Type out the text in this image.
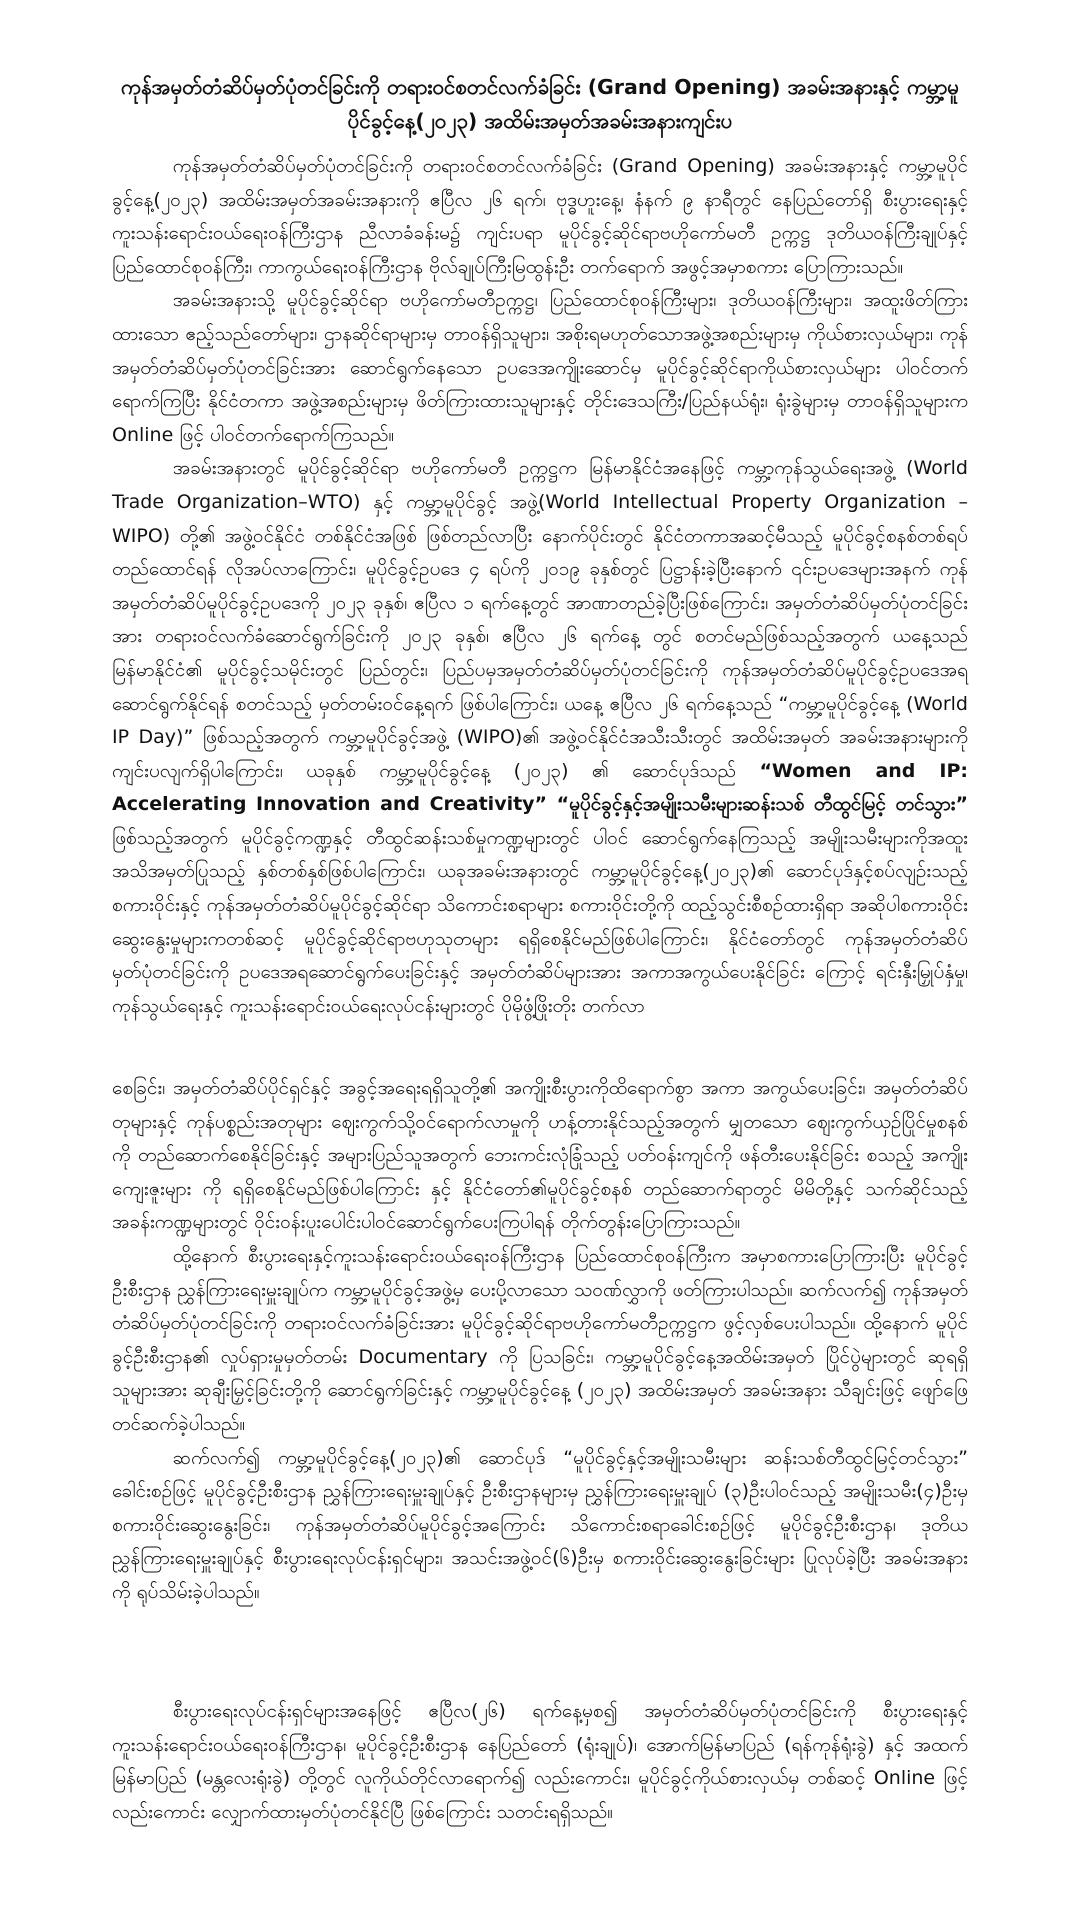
ကုန်အမှတ်တံဆိပ်မှတ်ပုံတင်ခြင်းကို တရားဝင်စတင်လက်ခံခြင်း (Grand Opening) အခမ်းအနားနှင့် ကမ္ဘာ့မူပိုင်ခွင့်နေ့(၂၀၂၃) အထိမ်းအမှတ်အခမ်းအနားကျင်းပ

ကုန်အမှတ်တံဆိပ်မှတ်ပုံတင်ခြင်းကို တရားဝင်စတင်လက်ခံခြင်း (Grand Opening) အခမ်းအနားနှင့် ကမ္ဘာ့မူပိုင်ခွင့်နေ့(၂၀၂၃) အထိမ်းအမှတ်အခမ်းအနားကို ဧပြီလ ၂၆ ရက်၊ ဗုဒ္ဓဟူးနေ့၊ နံနက် ၉ နာရီတွင် နေပြည်တော်ရှိ စီးပွားရေးနှင့်ကူးသန်းရောင်းဝယ်ရေးဝန်ကြီးဌာန ညီလာခံခန်းမ၌ ကျင်းပရာ မူပိုင်ခွင့်ဆိုင်ရာဗဟိုကော်မတီ ဥက္ကဋ္ဌ ဒုတိယဝန်ကြီးချုပ်နှင့် ပြည်ထောင်စုဝန်ကြီး၊ ကာကွယ်ရေးဝန်ကြီးဌာန ဗိုလ်ချုပ်ကြီးမြထွန်းဦး တက်ရောက် အဖွင့်အမှာစကား ပြောကြားသည်။

အခမ်းအနားသို့ မူပိုင်ခွင့်ဆိုင်ရာ ဗဟိုကော်မတီဥက္ကဋ္ဌ၊ ပြည်ထောင်စုဝန်ကြီးများ၊ ဒုတိယဝန်ကြီးများ၊ အထူးဖိတ်ကြားထားသော ဧည့်သည်တော်များ၊ ဌာနဆိုင်ရာများမှ တာဝန်ရှိသူများ၊ အစိုးရမဟုတ်သောအဖွဲ့အစည်းများမှ ကိုယ်စားလှယ်များ၊ ကုန်အမှတ်တံဆိပ်မှတ်ပုံတင်ခြင်းအား ဆောင်ရွက်နေသော ဥပဒေအကျိုးဆောင်မှ မူပိုင်ခွင့်ဆိုင်ရာကိုယ်စားလှယ်များ ပါဝင်တက်ရောက်ကြပြီး နိုင်ငံတကာ အဖွဲ့အစည်းများမှ ဖိတ်ကြားထားသူများနှင့် တိုင်းဒေသကြီး/ပြည်နယ်ရုံး၊ ရုံးခွဲများမှ တာဝန်ရှိသူများက Online ဖြင့် ပါဝင်တက်ရောက်ကြသည်။

အခမ်းအနားတွင် မူပိုင်ခွင့်ဆိုင်ရာ ဗဟိုကော်မတီ ဥက္ကဋ္ဌက မြန်မာနိုင်ငံအနေဖြင့် ကမ္ဘာ့ကုန်သွယ်ရေးအဖွဲ့ (World Trade Organization–WTO) နှင့် ကမ္ဘာ့မူပိုင်ခွင့် အဖွဲ့(World Intellectual Property Organization –WIPO) တို့၏ အဖွဲ့ဝင်နိုင်ငံ တစ်နိုင်ငံအဖြစ် ဖြစ်တည်လာပြီး နောက်ပိုင်းတွင် နိုင်ငံတကာအဆင့်မီသည့် မူပိုင်ခွင့်စနစ်တစ်ရပ် တည်ထောင်ရန် လိုအပ်လာကြောင်း၊ မူပိုင်ခွင့်ဥပဒေ ၄ ရပ်ကို ၂၀၁၉ ခုနှစ်တွင် ပြဋ္ဌာန်းခဲ့ပြီးနောက် ၎င်းဥပဒေများအနက် ကုန်အမှတ်တံဆိပ်မူပိုင်ခွင့်ဥပဒေကို ၂၀၂၃ ခုနှစ်၊ ဧပြီလ ၁ ရက်နေ့တွင် အာဏာတည်ခဲ့ပြီးဖြစ်ကြောင်း၊ အမှတ်တံဆိပ်မှတ်ပုံတင်ခြင်းအား တရားဝင်လက်ခံဆောင်ရွက်ခြင်းကို ၂၀၂၃ ခုနှစ်၊ ဧပြီလ ၂၆ ရက်နေ့ တွင် စတင်မည်ဖြစ်သည့်အတွက် ယနေ့သည် မြန်မာနိုင်ငံ၏ မူပိုင်ခွင့်သမိုင်းတွင် ပြည်တွင်း၊ ပြည်ပမှအမှတ်တံဆိပ်မှတ်ပုံတင်ခြင်းကို ကုန်အမှတ်တံဆိပ်မူပိုင်ခွင့်ဥပဒေအရ ဆောင်ရွက်နိုင်ရန် စတင်သည့် မှတ်တမ်းဝင်နေ့ရက် ဖြစ်ပါကြောင်း၊ ယနေ့ ဧပြီလ ၂၆ ရက်နေ့သည် “ကမ္ဘာ့မူပိုင်ခွင့်နေ့ (World IP Day)” ဖြစ်သည့်အတွက် ကမ္ဘာ့မူပိုင်ခွင့်အဖွဲ့ (WIPO)၏ အဖွဲ့ဝင်နိုင်ငံအသီးသီးတွင် အထိမ်းအမှတ် အခမ်းအနားများကို ကျင်းပလျက်ရှိပါကြောင်း၊ ယခုနှစ် ကမ္ဘာ့မူပိုင်ခွင့်နေ့ (၂၀၂၃) ၏ ဆောင်ပုဒ်သည် “Women and IP: Accelerating Innovation and Creativity” “မူပိုင်ခွင့်နှင့်အမျိုးသမီးများဆန်းသစ် တီထွင်မြင့် တင်သွား” ဖြစ်သည့်အတွက် မူပိုင်ခွင့်ကဏ္ဍနှင့် တီထွင်ဆန်းသစ်မှုကဏ္ဍများတွင် ပါဝင် ဆောင်ရွက်နေကြသည့် အမျိုးသမီးများကိုအထူးအသိအမှတ်ပြုသည့် နှစ်တစ်နှစ်ဖြစ်ပါကြောင်း၊ ယခုအခမ်းအနားတွင် ကမ္ဘာ့မူပိုင်ခွင့်နေ့(၂၀၂၃)၏ ဆောင်ပုဒ်နှင့်စပ်လျဉ်းသည့် စကားဝိုင်းနှင့် ကုန်အမှတ်တံဆိပ်မူပိုင်ခွင့်ဆိုင်ရာ သိကောင်းစရာများ စကားဝိုင်းတို့ကို ထည့်သွင်းစီစဉ်ထားရှိရာ အဆိုပါစကားဝိုင်း ဆွေးနွေးမှုများကတစ်ဆင့် မူပိုင်ခွင့်ဆိုင်ရာဗဟုသုတများ ရရှိစေနိုင်မည်ဖြစ်ပါကြောင်း၊ နိုင်ငံတော်တွင် ကုန်အမှတ်တံဆိပ်မှတ်ပုံတင်ခြင်းကို ဥပဒေအရဆောင်ရွက်ပေးခြင်းနှင့် အမှတ်တံဆိပ်များအား အကာအကွယ်ပေးနိုင်ခြင်း ကြောင့် ရင်းနှီးမြှုပ်နှံမှု၊ ကုန်သွယ်ရေးနှင့် ကူးသန်းရောင်းဝယ်ရေးလုပ်ငန်းများတွင် ပိုမိုဖွံ့ဖြိုးတိုး တက်လာ

စေခြင်း၊ အမှတ်တံဆိပ်ပိုင်ရှင်နှင့် အခွင့်အရေးရရှိသူတို့၏ အကျိုးစီးပွားကိုထိရောက်စွာ အကာ အကွယ်ပေးခြင်း၊ အမှတ်တံဆိပ်တုများနှင့် ကုန်ပစ္စည်းအတုများ ဈေးကွက်သို့ဝင်ရောက်လာမှုကို ဟန့်တားနိုင်သည့်အတွက် မျှတသော ဈေးကွက်ယှဉ်ပြိုင်မှုစနစ်ကို တည်ဆောက်စေနိုင်ခြင်းနှင့် အများပြည်သူအတွက် ဘေးကင်းလုံခြုံသည့် ပတ်ဝန်းကျင်ကို ဖန်တီးပေးနိုင်ခြင်း စသည့် အကျိုး ကျေးဇူးများ ကို ရရှိစေနိုင်မည်ဖြစ်ပါကြောင်း နှင့် နိုင်ငံတော်၏မူပိုင်ခွင့်စနစ် တည်ဆောက်ရာတွင် မိမိတို့နှင့် သက်ဆိုင်သည့် အခန်းကဏ္ဍများတွင် ဝိုင်းဝန်းပူးပေါင်းပါဝင်ဆောင်ရွက်ပေးကြပါရန် တိုက်တွန်းပြောကြားသည်။

ထို့နောက် စီးပွားရေးနှင့်ကူးသန်းရောင်းဝယ်ရေးဝန်ကြီးဌာန ပြည်ထောင်စုဝန်ကြီးက အမှာစကားပြောကြားပြီး မူပိုင်ခွင့်ဦးစီးဌာန ညွှန်ကြားရေးမှူးချုပ်က ကမ္ဘာ့မူပိုင်ခွင့်အဖွဲ့မှ ပေးပို့လာသော သဝဏ်လွှာကို ဖတ်ကြားပါသည်။ ဆက်လက်၍ ကုန်အမှတ်တံဆိပ်မှတ်ပုံတင်ခြင်းကို တရားဝင်လက်ခံခြင်းအား မူပိုင်ခွင့်ဆိုင်ရာဗဟိုကော်မတီဥက္ကဋ္ဌက ဖွင့်လှစ်ပေးပါသည်။ ထို့နောက် မူပိုင်ခွင့်ဦးစီးဌာန၏ လှုပ်ရှားမှုမှတ်တမ်း Documentary ကို ပြသခြင်း၊ ကမ္ဘာ့မူပိုင်ခွင့်နေ့အထိမ်းအမှတ် ပြိုင်ပွဲများတွင် ဆုရရှိသူများအား ဆုချီးမြှင့်ခြင်းတို့ကို ဆောင်ရွက်ခြင်းနှင့် ကမ္ဘာ့မူပိုင်ခွင့်နေ့ (၂၀၂၃) အထိမ်းအမှတ် အခမ်းအနား သီချင်းဖြင့် ဖျော်ဖြေတင်ဆက်ခဲ့ပါသည်။

ဆက်လက်၍ ကမ္ဘာ့မူပိုင်ခွင့်နေ့(၂၀၂၃)၏ ဆောင်ပုဒ် “မူပိုင်ခွင့်နှင့်အမျိုးသမီးများ ဆန်းသစ်တီထွင်မြင့်တင်သွား” ခေါင်းစဉ်ဖြင့် မူပိုင်ခွင့်ဦးစီးဌာန ညွှန်ကြားရေးမှူးချုပ်နှင့် ဦးစီးဌာနများမှ ညွှန်ကြားရေးမှူးချုပ် (၃)ဦးပါဝင်သည့် အမျိုးသမီး(၄)ဦးမှ စကားဝိုင်းဆွေးနွေးခြင်း၊ ကုန်အမှတ်တံဆိပ်မူပိုင်ခွင့်အကြောင်း သိကောင်းစရာခေါင်းစဉ်ဖြင့် မူပိုင်ခွင့်ဦးစီးဌာန၊ ဒုတိယညွှန်ကြားရေးမှူးချုပ်နှင့် စီးပွားရေးလုပ်ငန်းရှင်များ၊ အသင်းအဖွဲ့ဝင်(၆)ဦးမှ စကားဝိုင်းဆွေးနွေးခြင်းများ ပြုလုပ်ခဲ့ပြီး အခမ်းအနားကို ရုပ်သိမ်းခဲ့ပါသည်။

စီးပွားရေးလုပ်ငန်းရှင်များအနေဖြင့် ဧပြီလ(၂၆) ရက်နေ့မှစ၍ အမှတ်တံဆိပ်မှတ်ပုံတင်ခြင်းကို စီးပွားရေးနှင့်ကူးသန်းရောင်းဝယ်ရေးဝန်ကြီးဌာန၊ မူပိုင်ခွင့်ဦးစီးဌာန နေပြည်တော် (ရုံးချုပ်)၊ အောက်မြန်မာပြည် (ရန်ကုန်ရုံးခွဲ) နှင့် အထက်မြန်မာပြည် (မန္တလေးရုံးခွဲ) တို့တွင် လူကိုယ်တိုင်လာရောက်၍ လည်းကောင်း၊ မူပိုင်ခွင့်ကိုယ်စားလှယ်မှ တစ်ဆင့် Online ဖြင့်လည်းကောင်း လျှောက်ထားမှတ်ပုံတင်နိုင်ပြီ ဖြစ်ကြောင်း သတင်းရရှိသည်။
